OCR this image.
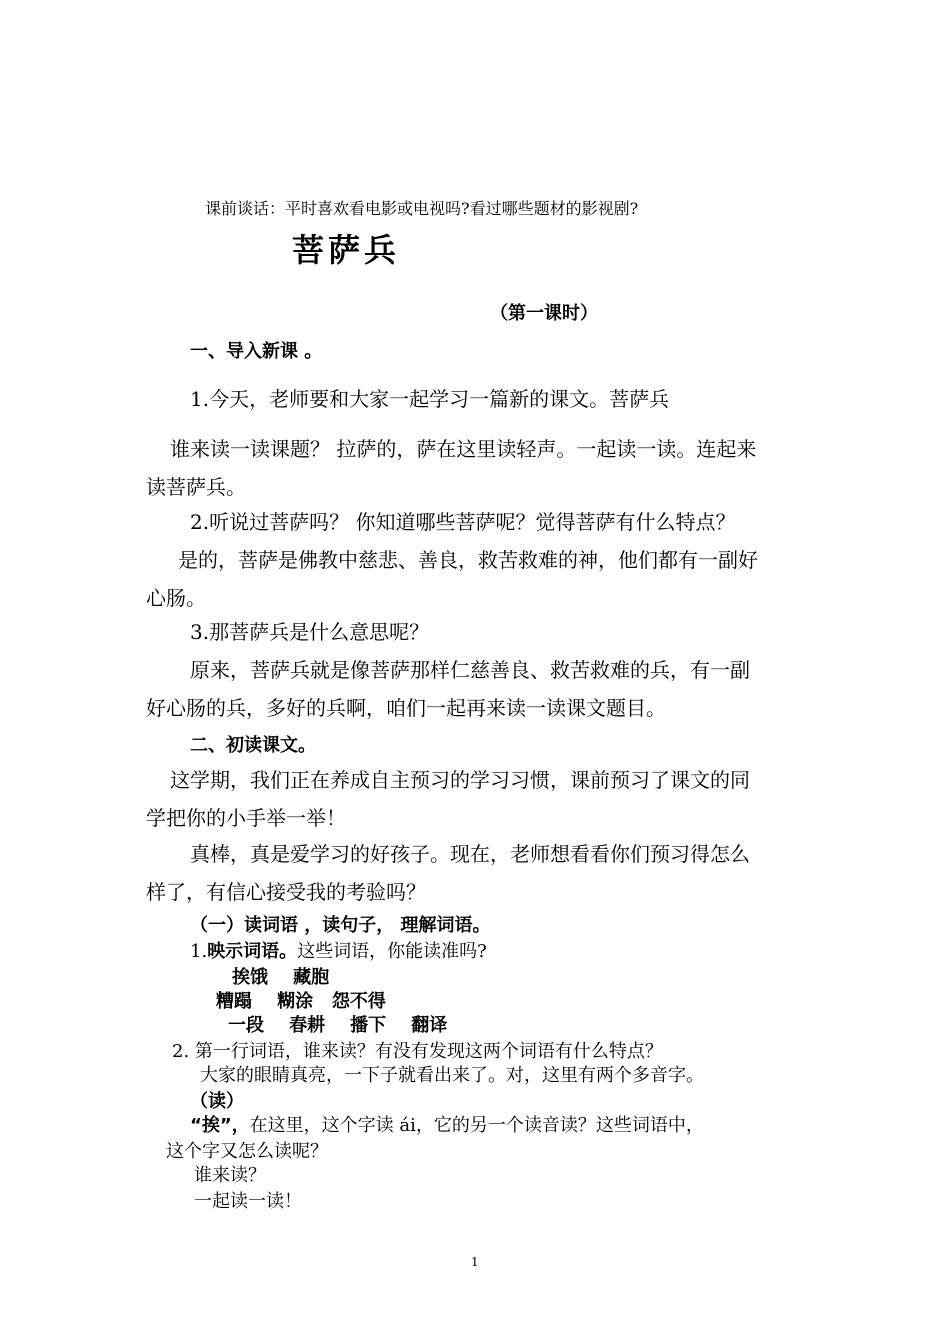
课前谈话：平时喜欢看电影或电视吗?看过哪些题材的影视剧?
菩萨兵
（第一课时）
一、导入新课 。
1.今天，老师要和大家一起学习一篇新的课文。菩萨兵
谁来读一读课题？ 拉萨的，萨在这里读轻声。一起读一读。连起来
读菩萨兵。
2.听说过菩萨吗？ 你知道哪些菩萨呢？觉得菩萨有什么特点？
是的，菩萨是佛教中慈悲、善良，救苦救难的神，他们都有一副好
心肠。
3.那菩萨兵是什么意思呢？
原来，菩萨兵就是像菩萨那样仁慈善良、救苦救难的兵，有一副
好心肠的兵，多好的兵啊，咱们一起再来读一读课文题目。
二、初读课文。
这学期，我们正在养成自主预习的学习习惯，课前预习了课文的同
学把你的小手举一举！
真棒，真是爱学习的好孩子。现在，老师想看看你们预习得怎么
样了，有信心接受我的考验吗？
（一）读词语 ，读句子， 理解词语。
1.映示词语。这些词语，你能读准吗?
挨饿    藏胞
糟蹋    糊涂   怨不得
一段    春耕    播下    翻译
2. 第一行词语，谁来读？有没有发现这两个词语有什么特点？
大家的眼睛真亮，一下子就看出来了。对，这里有两个多音字。
（读）
“挨”，在这里，这个字读 ái，它的另一个读音读？这些词语中，
这个字又怎么读呢？
谁来读？
一起读一读！
1
